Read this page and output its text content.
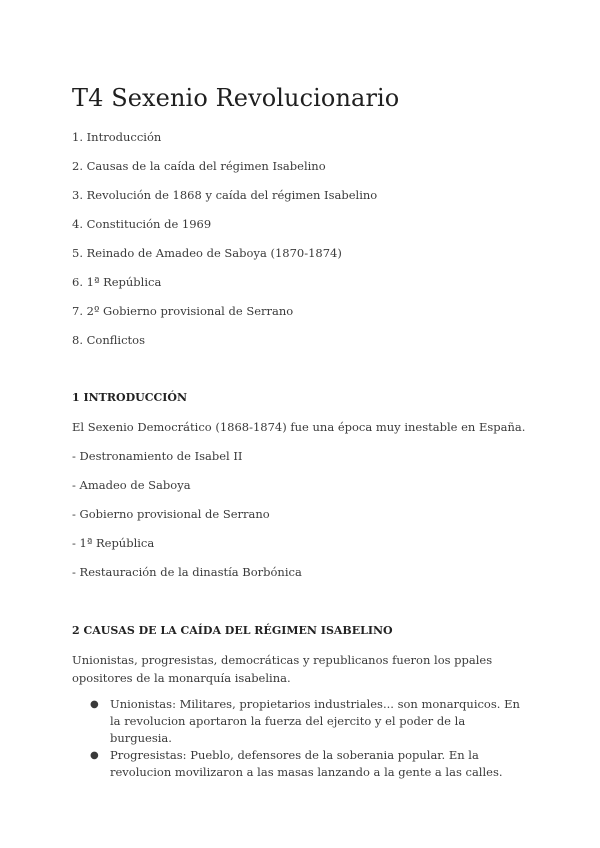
T4 Sexenio Revolucionario
1. Introducción
2. Causas de la caída del régimen Isabelino
3. Revolución de 1868 y caída del régimen Isabelino
4. Constitución de 1969
5. Reinado de Amadeo de Saboya (1870-1874)
6. 1ª República
7. 2º Gobierno provisional de Serrano
8. Conflictos
1 INTRODUCCIÓN
El Sexenio Democrático (1868-1874) fue una época muy inestable en España.
- Destronamiento de Isabel II
- Amadeo de Saboya
- Gobierno provisional de Serrano
- 1ª República
- Restauración de la dinastía Borbónica
2 CAUSAS DE LA CAÍDA DEL RÉGIMEN ISABELINO
Unionistas, progresistas, democráticas y republicanos fueron los ppales opositores de la monarquía isabelina.
● Unionistas: Militares, propietarios industriales... son monarquicos. En la revolucion aportaron la fuerza del ejercito y el poder de la burguesia.
● Progresistas: Pueblo, defensores de la soberania popular. En la revolucion movilizaron a las masas lanzando a la gente a las calles.
